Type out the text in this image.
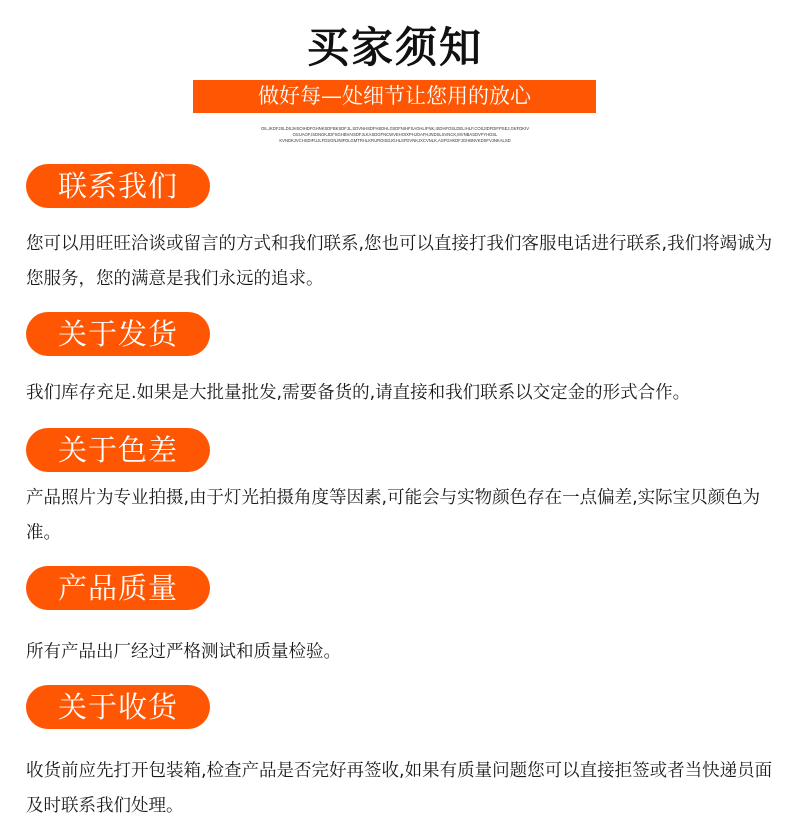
买家须知
做好每—处细节让您用的放心
OIL,IKDFJSLDSJHSOIHDFGHNKSDFBKSDFJL,SDVNHSDFHSDHLGIIDFNIHFSAOHLIFNK,ISDHFOSLDELIHLF.COSJIDFDIFPSEJ,GKFDKIV
OSUAOF,ISDNGKJDFSGHBVAISDFJLKASDGFNCWVEHOIXPHJOAFHJNDSLSVNCK,MVNBASDVFYHDSL
KVNDKJVCHSDIFUJLFDSGNJNIFDLGMTRHLKRUROISDJGHLSFDVNKJXCVNLK,ASFGHKDFJGHBNVKDSFVJNKALSD
联系我们

您可以用旺旺洽谈或留言的方式和我们联系,您也可以直接打我们客服电话进行联系,我们将竭诚为您服务，您的满意是我们永远的追求。

关于发货

我们库存充足.如果是大批量批发,需要备货的,请直接和我们联系以交定金的形式合作。

关于色差

产品照片为专业拍摄,由于灯光拍摄角度等因素,可能会与实物颜色存在一点偏差,实际宝贝颜色为准。

产品质量

所有产品出厂经过严格测试和质量检验。

关于收货

收货前应先打开包装箱,检查产品是否完好再签收,如果有质量问题您可以直接拒签或者当快递员面及时联系我们处理。
